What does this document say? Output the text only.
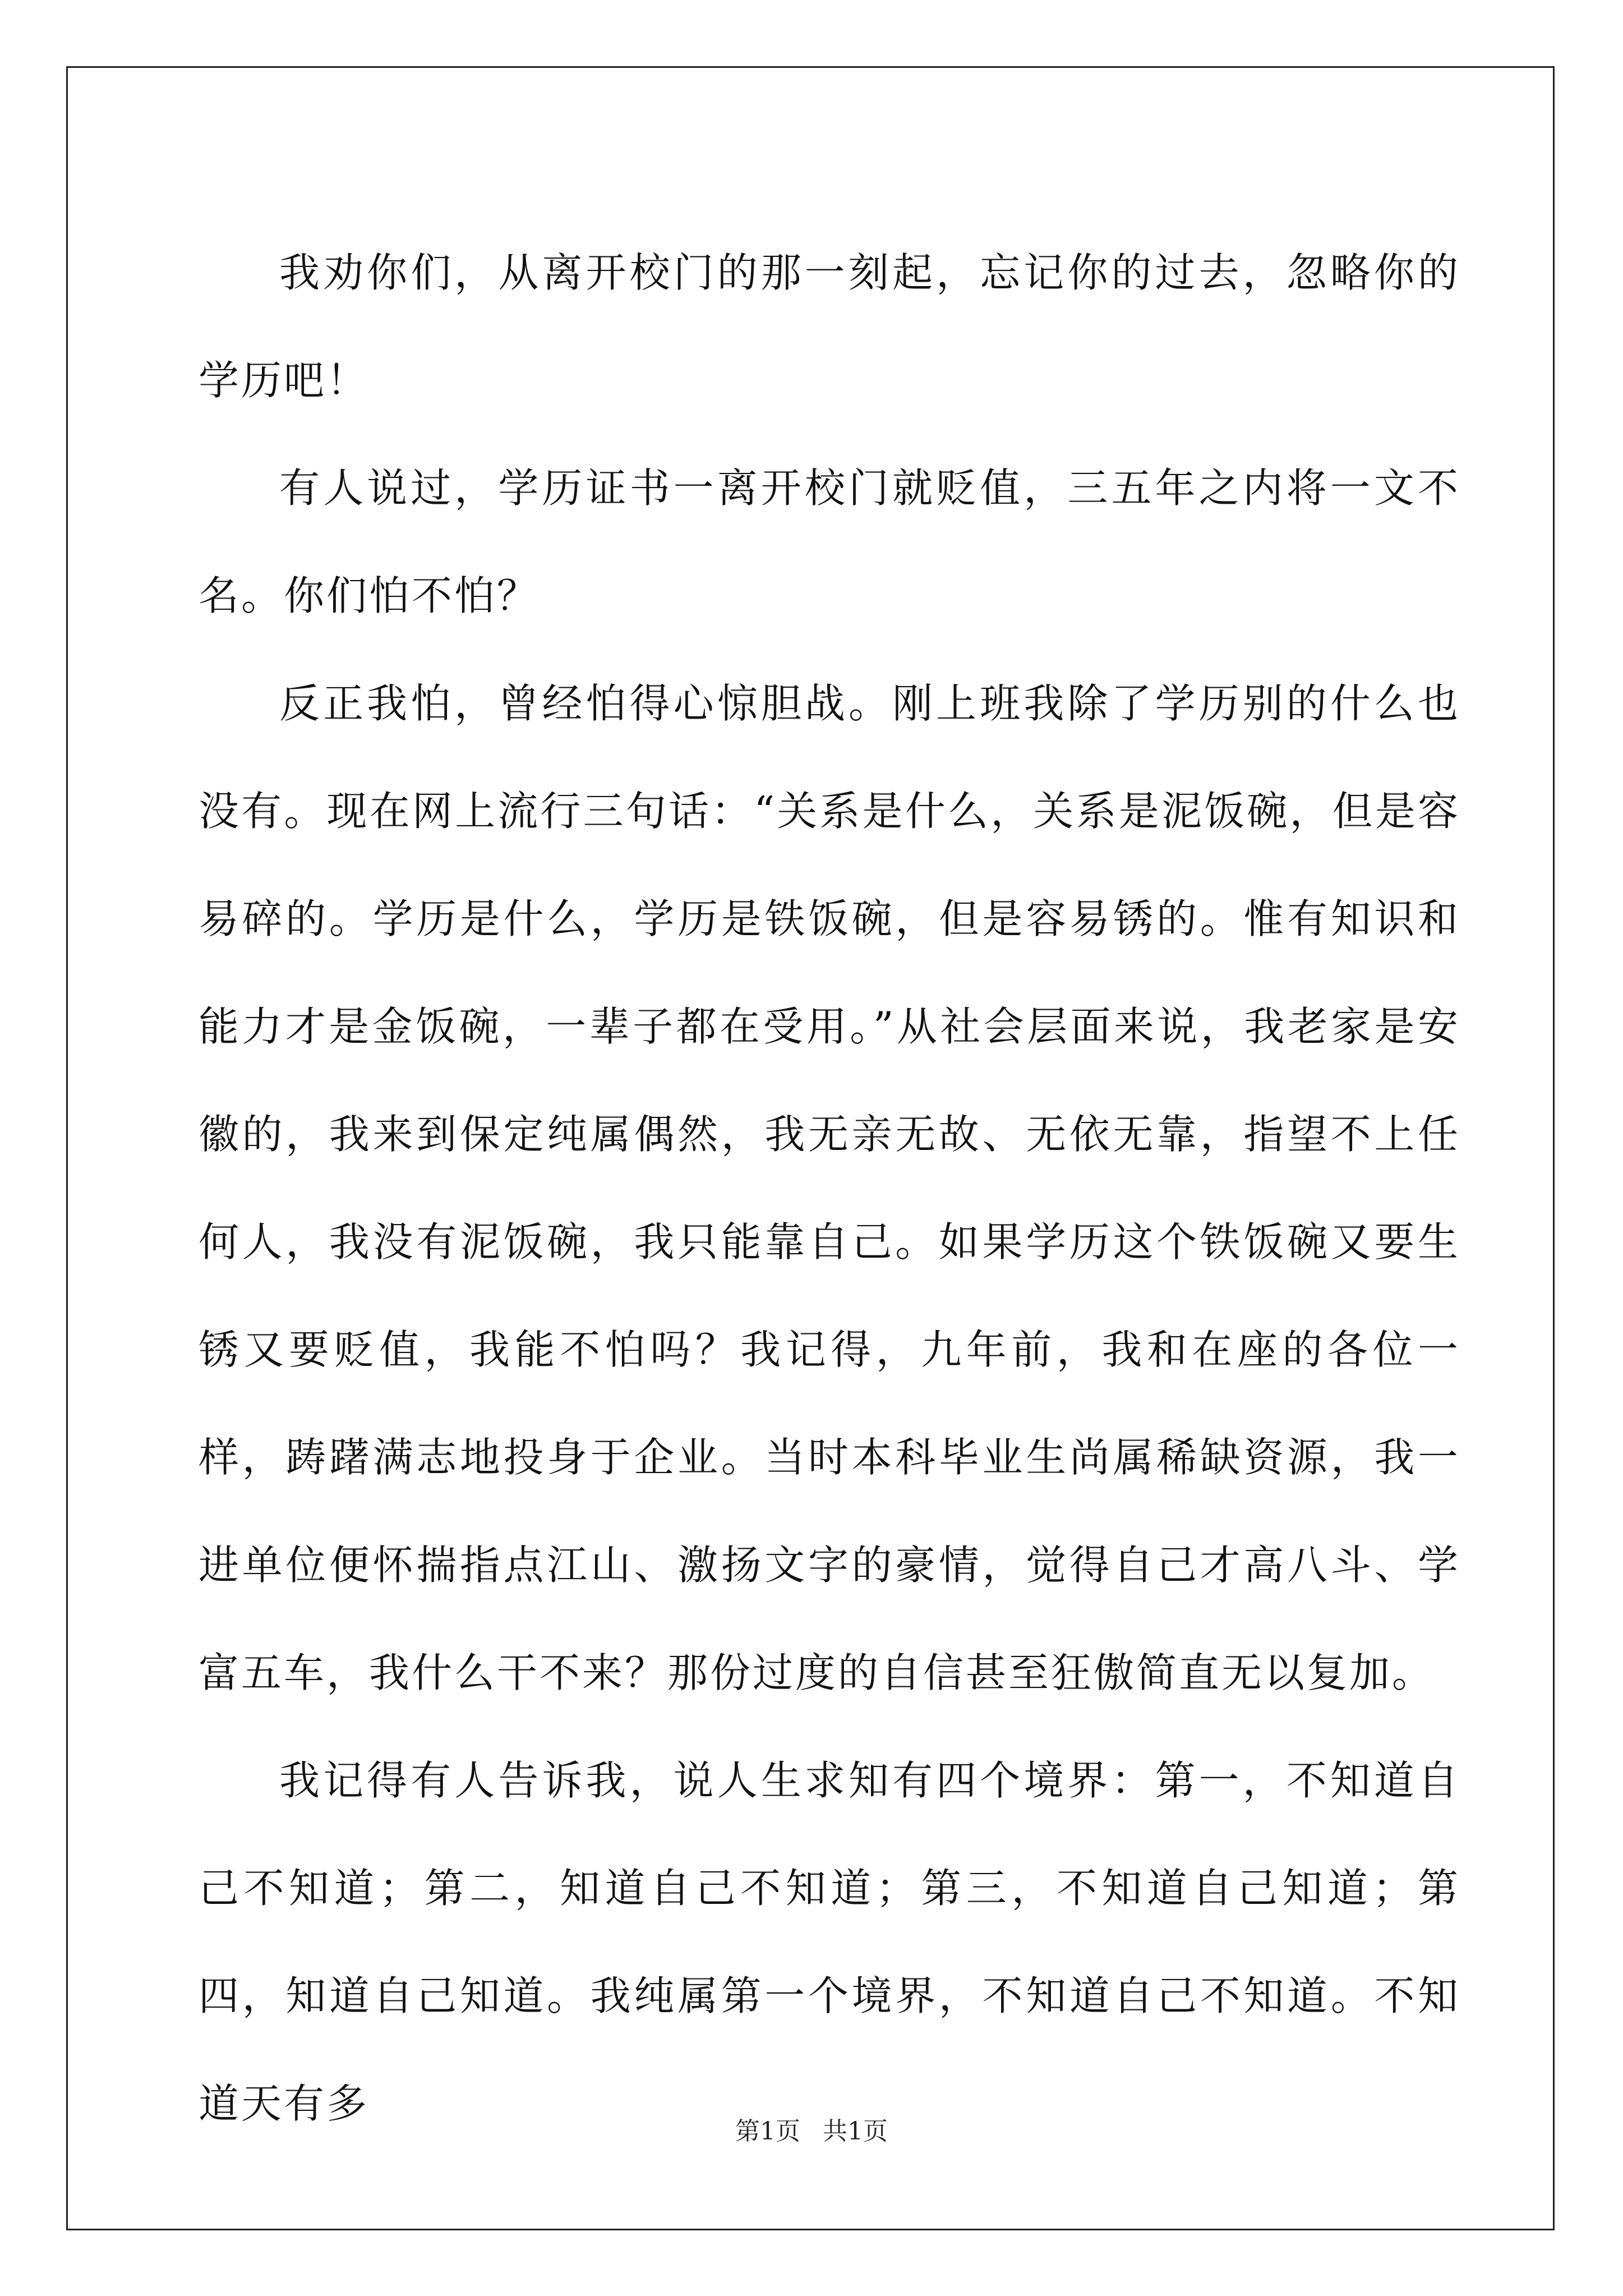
我劝你们，从离开校门的那一刻起，忘记你的过去，忽略你的学历吧！

有人说过，学历证书一离开校门就贬值，三五年之内将一文不名。你们怕不怕？

反正我怕，曾经怕得心惊胆战。刚上班我除了学历别的什么也没有。现在网上流行三句话：“关系是什么，关系是泥饭碗，但是容易碎的。学历是什么，学历是铁饭碗，但是容易锈的。惟有知识和能力才是金饭碗，一辈子都在受用。”从社会层面来说，我老家是安徽的，我来到保定纯属偶然，我无亲无故、无依无靠，指望不上任何人，我没有泥饭碗，我只能靠自己。如果学历这个铁饭碗又要生锈又要贬值，我能不怕吗？我记得，九年前，我和在座的各位一样，踌躇满志地投身于企业。当时本科毕业生尚属稀缺资源，我一进单位便怀揣指点江山、激扬文字的豪情，觉得自己才高八斗、学富五车，我什么干不来？那份过度的自信甚至狂傲简直无以复加。

我记得有人告诉我，说人生求知有四个境界：第一，不知道自己不知道；第二，知道自己不知道；第三，不知道自己知道；第四，知道自己知道。我纯属第一个境界，不知道自己不知道。不知道天有多

第1页 共1页
